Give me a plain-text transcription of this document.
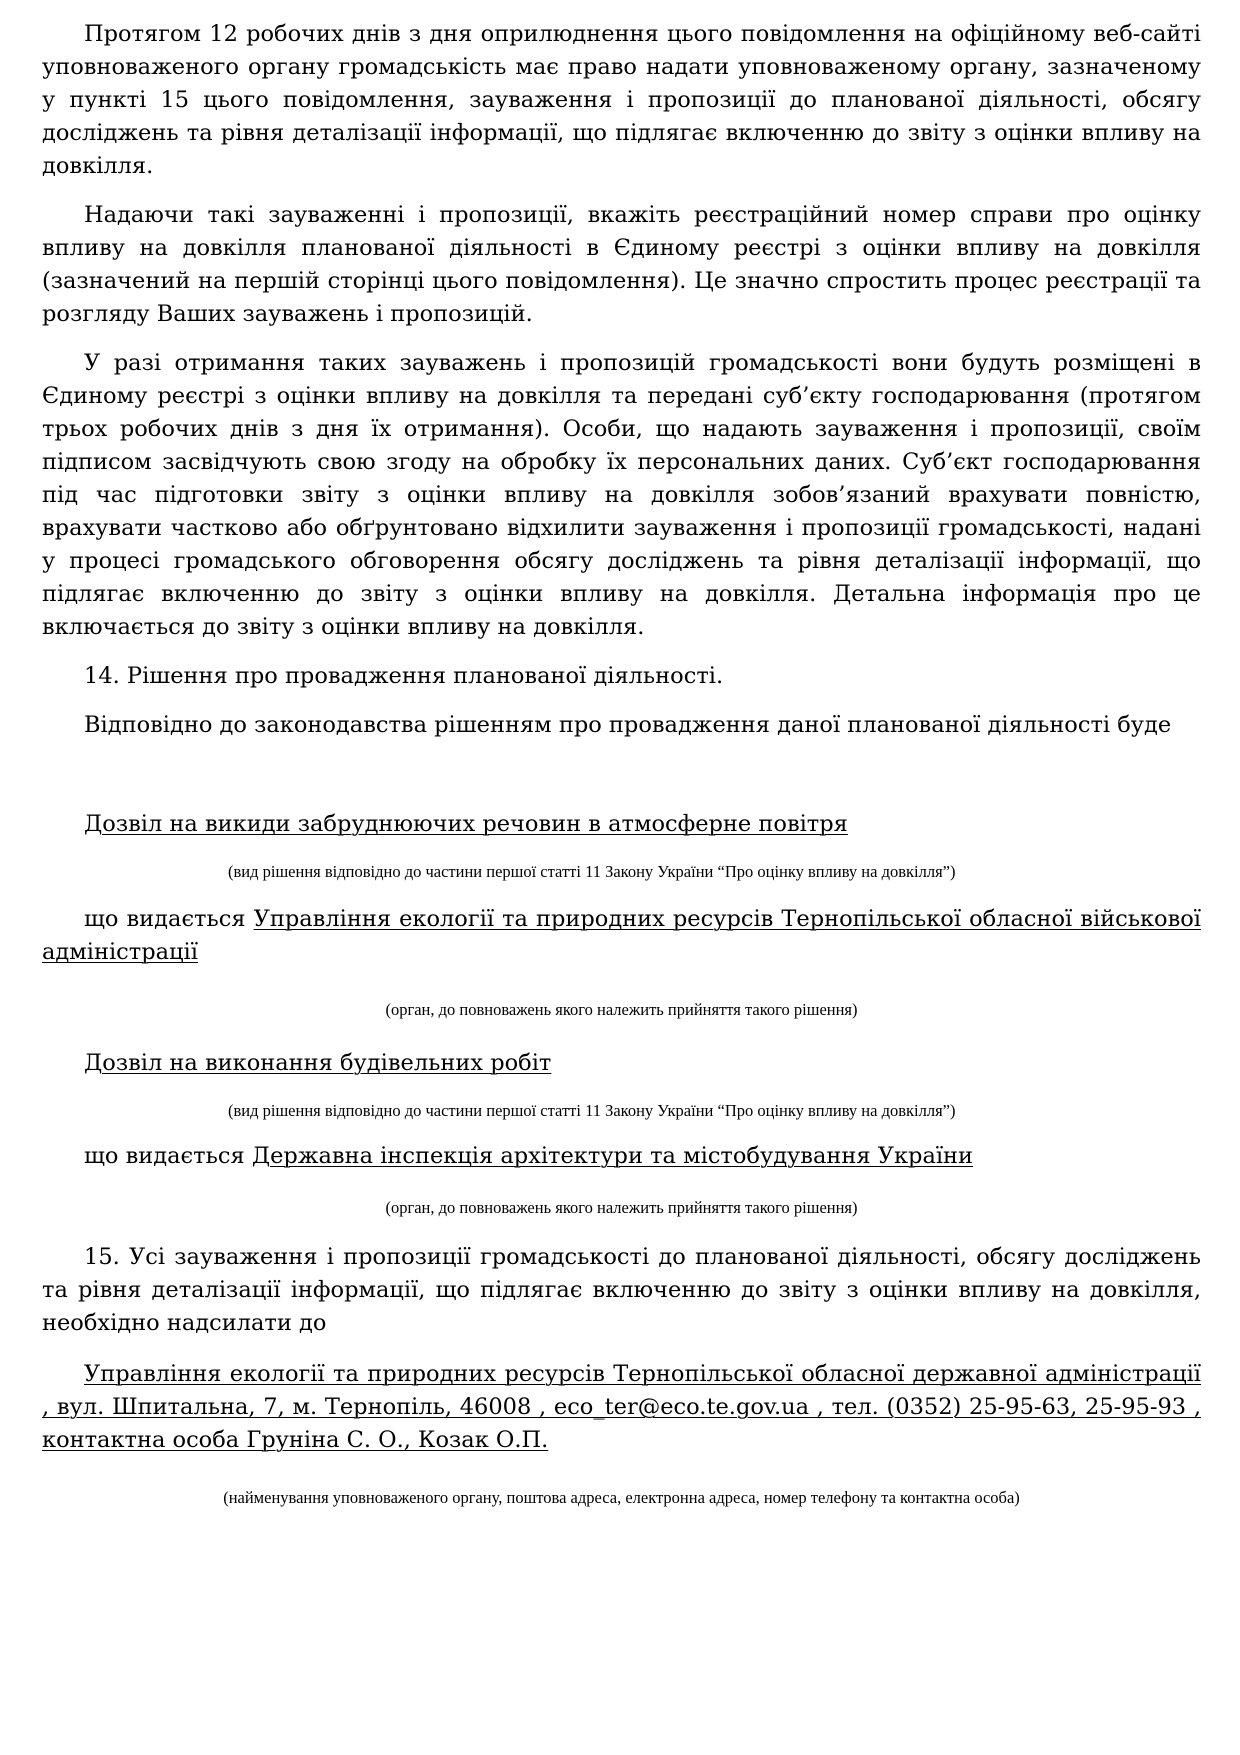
Протягом 12 робочих днів з дня оприлюднення цього повідомлення на офіційному веб-сайті уповноваженого органу громадськість має право надати уповноваженому органу, зазначеному у пункті 15 цього повідомлення, зауваження і пропозиції до планованої діяльності, обсягу досліджень та рівня деталізації інформації, що підлягає включенню до звіту з оцінки впливу на довкілля.

Надаючи такі зауваженні і пропозиції, вкажіть реєстраційний номер справи про оцінку впливу на довкілля планованої діяльності в Єдиному реєстрі з оцінки впливу на довкілля (зазначений на першій сторінці цього повідомлення). Це значно спростить процес реєстрації та розгляду Ваших зауважень і пропозицій.

У разі отримання таких зауважень і пропозицій громадськості вони будуть розміщені в Єдиному реєстрі з оцінки впливу на довкілля та передані суб’єкту господарювання (протягом трьох робочих днів з дня їх отримання). Особи, що надають зауваження і пропозиції, своїм підписом засвідчують свою згоду на обробку їх персональних даних. Суб’єкт господарювання під час підготовки звіту з оцінки впливу на довкілля зобов’язаний врахувати повністю, врахувати частково або обґрунтовано відхилити зауваження і пропозиції громадськості, надані у процесі громадського обговорення обсягу досліджень та рівня деталізації інформації, що підлягає включенню до звіту з оцінки впливу на довкілля. Детальна інформація про це включається до звіту з оцінки впливу на довкілля.

14. Рішення про провадження планованої діяльності.

Відповідно до законодавства рішенням про провадження даної планованої діяльності буде

Дозвіл на викиди забруднюючих речовин в атмосферне повітря

(вид рішення відповідно до частини першої статті 11 Закону України “Про оцінку впливу на довкілля”)

що видається Управління екології та природних ресурсів Тернопільської обласної військової адміністрації

(орган, до повноважень якого належить прийняття такого рішення)

Дозвіл на виконання будівельних робіт

(вид рішення відповідно до частини першої статті 11 Закону України “Про оцінку впливу на довкілля”)

що видається Державна інспекція архітектури та містобудування України

(орган, до повноважень якого належить прийняття такого рішення)

15. Усі зауваження і пропозиції громадськості до планованої діяльності, обсягу досліджень та рівня деталізації інформації, що підлягає включенню до звіту з оцінки впливу на довкілля, необхідно надсилати до

Управління екології та природних ресурсів Тернопільської обласної державної адміністрації , вул. Шпитальна, 7, м. Тернопіль, 46008 , eco_ter@eco.te.gov.ua , тел. (0352) 25-95-63, 25-95-93 , контактна особа Груніна С. О., Козак О.П.

(найменування уповноваженого органу, поштова адреса, електронна адреса, номер телефону та контактна особа)
